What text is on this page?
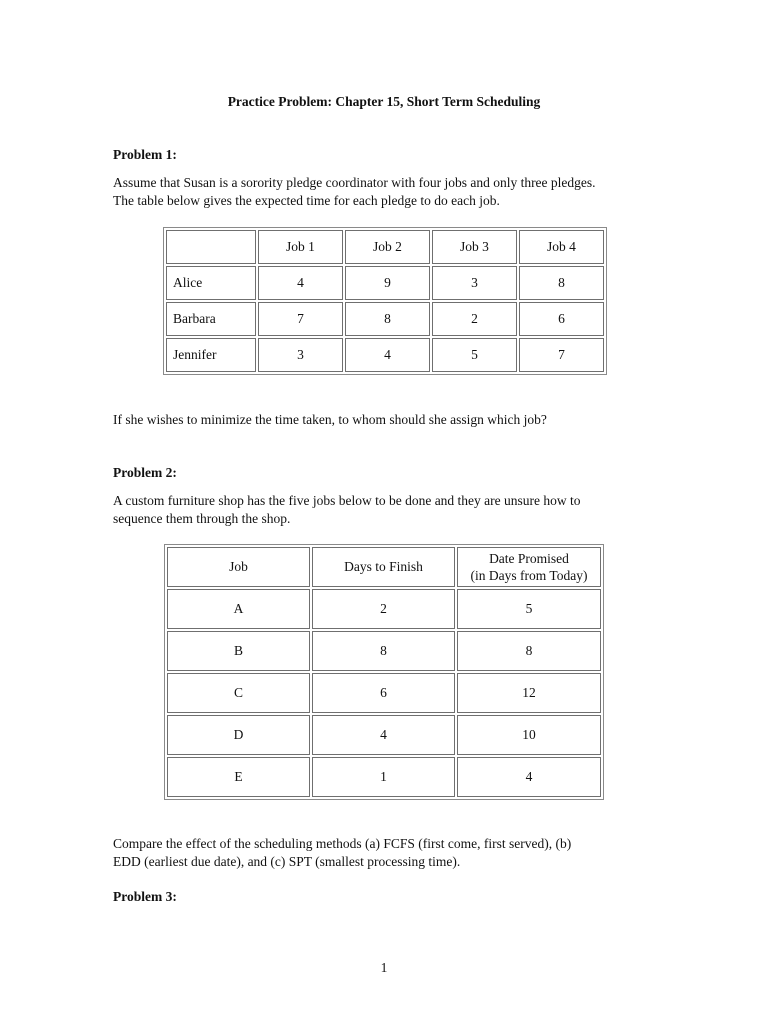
Practice Problem: Chapter 15, Short Term Scheduling
Problem 1:
Assume that Susan is a sorority pledge coordinator with four jobs and only three pledges.
The table below gives the expected time for each pledge to do each job.
	Job 1	Job 2	Job 3	Job 4
Alice	4	9	3	8
Barbara	7	8	2	6
Jennifer	3	4	5	7
If she wishes to minimize the time taken, to whom should she assign which job?
Problem 2:
A custom furniture shop has the five jobs below to be done and they are unsure how to
sequence them through the shop.
Job	Days to Finish	Date Promised
(in Days from Today)

A	2	5
B	8	8
C	6	12
D	4	10
E	1	4
Compare the effect of the scheduling methods (a) FCFS (first come, first served), (b)
EDD (earliest due date), and (c) SPT (smallest processing time).
Problem 3:
1
